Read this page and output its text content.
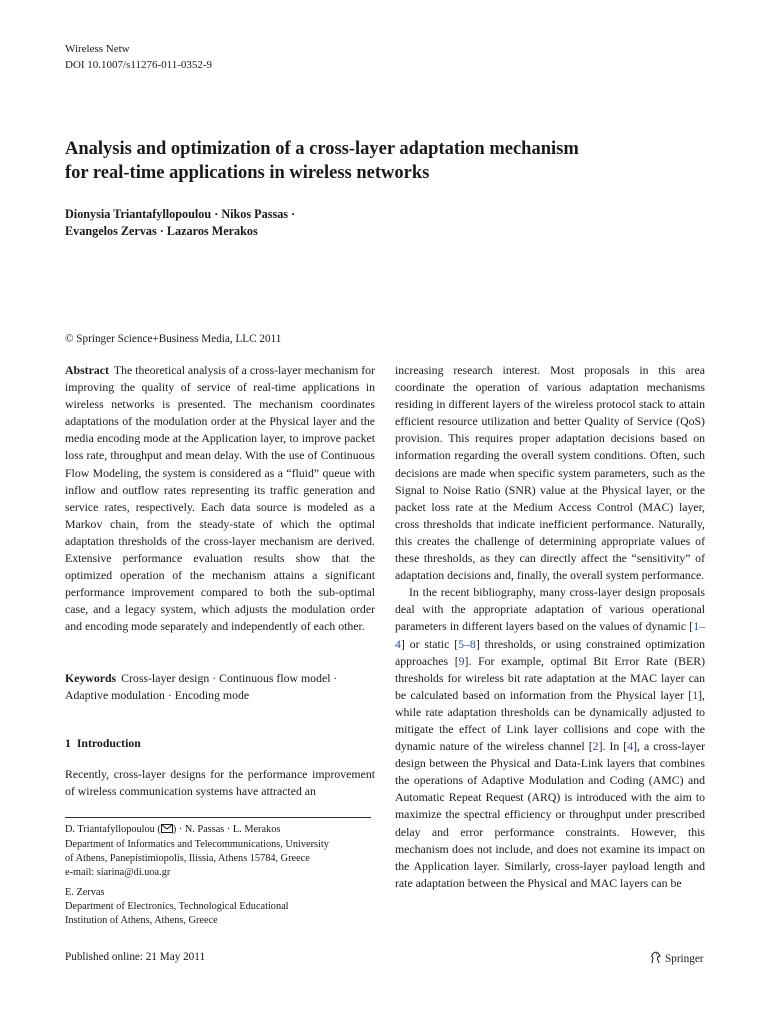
Wireless Netw
DOI 10.1007/s11276-011-0352-9
Analysis and optimization of a cross-layer adaptation mechanism
for real-time applications in wireless networks
Dionysia Triantafyllopoulou · Nikos Passas ·
Evangelos Zervas · Lazaros Merakos
© Springer Science+Business Media, LLC 2011

Abstract The theoretical analysis of a cross-layer mechanism for improving the quality of service of real-time applications in wireless networks is presented. The mechanism coordinates adaptations of the modulation order at the Physical layer and the media encoding mode at the Application layer, to improve packet loss rate, throughput and mean delay. With the use of Continuous Flow Modeling, the system is considered as a “fluid” queue with inflow and outflow rates representing its traffic generation and service rates, respectively. Each data source is modeled as a Markov chain, from the steady-state of which the optimal adaptation thresholds of the cross-layer mechanism are derived. Extensive performance evaluation results show that the optimized operation of the mechanism attains a significant performance improvement compared to both the sub-optimal case, and a legacy system, which adjusts the modulation order and encoding mode separately and independently of each other.

Keywords Cross-layer design · Continuous flow model · Adaptive modulation · Encoding mode
1 Introduction
Recently, cross-layer designs for the performance improvement of wireless communication systems have attracted an
D. Triantafyllopoulou ( ) · N. Passas · L. Merakos
Department of Informatics and Telecommunications, University
of Athens, Panepistimiopolis, Ilissia, Athens 15784, Greece
e-mail: siarina@di.uoa.gr
E. Zervas
Department of Electronics, Technological Educational
Institution of Athens, Athens, Greece

increasing research interest. Most proposals in this area coordinate the operation of various adaptation mechanisms residing in different layers of the wireless protocol stack to attain efficient resource utilization and better Quality of Service (QoS) provision. This requires proper adaptation decisions based on information regarding the overall system conditions. Often, such decisions are made when specific system parameters, such as the Signal to Noise Ratio (SNR) value at the Physical layer, or the packet loss rate at the Medium Access Control (MAC) layer, cross thresholds that indicate inefficient performance. Naturally, this creates the challenge of determining appropriate values of these thresholds, as they can directly affect the “sensitivity” of adaptation decisions and, finally, the overall system performance.

In the recent bibliography, many cross-layer design proposals deal with the appropriate adaptation of various operational parameters in different layers based on the values of dynamic [1–4] or static [5–8] thresholds, or using constrained optimization approaches [9]. For example, optimal Bit Error Rate (BER) thresholds for wireless bit rate adaptation at the MAC layer can be calculated based on information from the Physical layer [1], while rate adaptation thresholds can be dynamically adjusted to mitigate the effect of Link layer collisions and cope with the dynamic nature of the wireless channel [2]. In [4], a cross-layer design between the Physical and Data-Link layers that combines the operations of Adaptive Modulation and Coding (AMC) and Automatic Repeat Request (ARQ) is introduced with the aim to maximize the spectral efficiency or throughput under prescribed delay and error performance constraints. However, this mechanism does not include, and does not examine its impact on the Application layer. Similarly, cross-layer payload length and rate adaptation between the Physical and MAC layers can be

Published online: 21 May 2011	Springer
